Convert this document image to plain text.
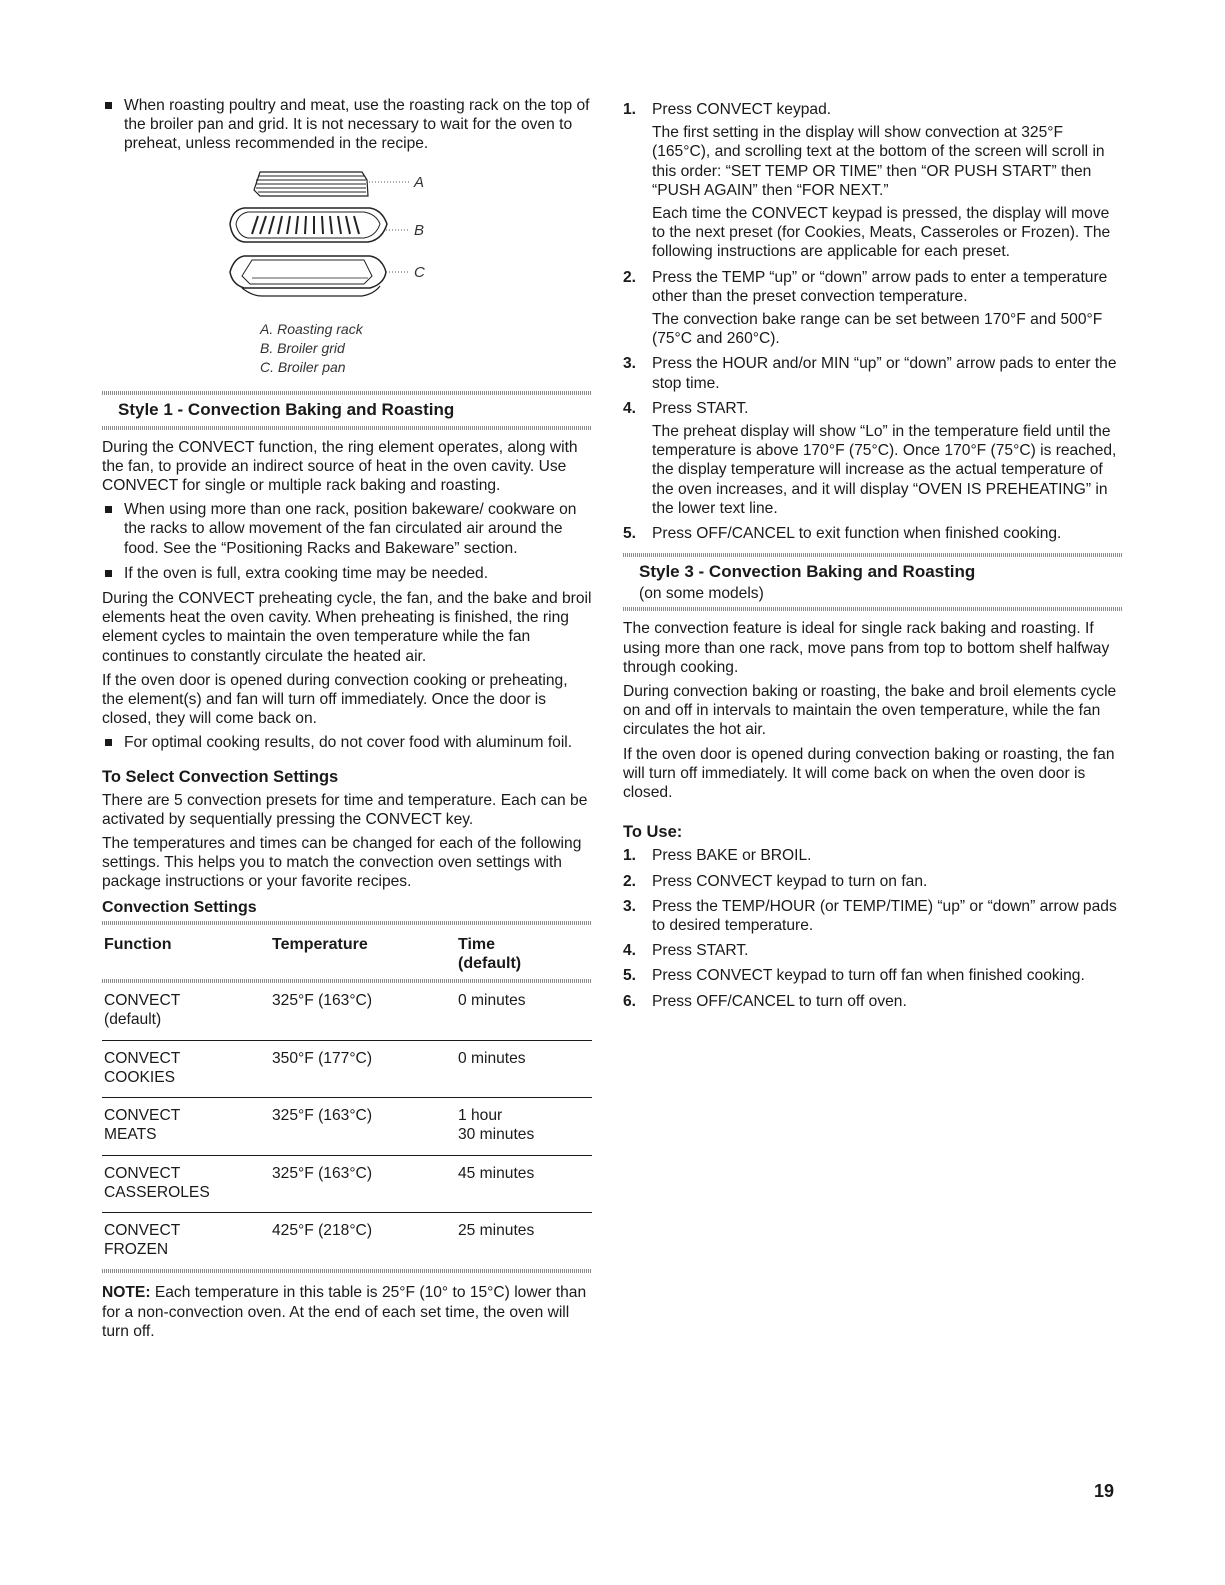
When roasting poultry and meat, use the roasting rack on the top of the broiler pan and grid. It is not necessary to wait for the oven to preheat, unless recommended in the recipe.

A
B
C
A. Roasting rack
B. Broiler grid
C. Broiler pan
Style 1 - Convection Baking and Roasting

During the CONVECT function, the ring element operates, along with the fan, to provide an indirect source of heat in the oven cavity. Use CONVECT for single or multiple rack baking and roasting.

When using more than one rack, position bakeware/ cookware on the racks to allow movement of the fan circulated air around the food. See the “Positioning Racks and Bakeware” section.

If the oven is full, extra cooking time may be needed.

During the CONVECT preheating cycle, the fan, and the bake and broil elements heat the oven cavity. When preheating is finished, the ring element cycles to maintain the oven temperature while the fan continues to constantly circulate the heated air.

If the oven door is opened during convection cooking or preheating, the element(s) and fan will turn off immediately. Once the door is closed, they will come back on.

For optimal cooking results, do not cover food with aluminum foil.

To Select Convection Settings

There are 5 convection presets for time and temperature. Each can be activated by sequentially pressing the CONVECT key.

The temperatures and times can be changed for each of the following settings. This helps you to match the convection oven settings with package instructions or your favorite recipes.

Convection Settings
Function	Temperature	Time
(default)

CONVECT
(default)	325°F (163°C)	0 minutes
CONVECT
COOKIES	350°F (177°C)	0 minutes
CONVECT
MEATS	325°F (163°C)	1 hour
30 minutes
CONVECT
CASSEROLES	325°F (163°C)	45 minutes
CONVECT
FROZEN	425°F (218°C)	25 minutes

NOTE: Each temperature in this table is 25°F (10° to 15°C) lower than for a non-convection oven. At the end of each set time, the oven will turn off.

1. Press CONVECT keypad.

The first setting in the display will show convection at 325°F (165°C), and scrolling text at the bottom of the screen will scroll in this order: “SET TEMP OR TIME” then “OR PUSH START” then “PUSH AGAIN” then “FOR NEXT.”

Each time the CONVECT keypad is pressed, the display will move to the next preset (for Cookies, Meats, Casseroles or Frozen). The following instructions are applicable for each preset.

2. Press the TEMP “up” or “down” arrow pads to enter a temperature other than the preset convection temperature.

The convection bake range can be set between 170°F and 500°F (75°C and 260°C).

3. Press the HOUR and/or MIN “up” or “down” arrow pads to enter the stop time.

4. Press START.

The preheat display will show “Lo” in the temperature field until the temperature is above 170°F (75°C). Once 170°F (75°C) is reached, the display temperature will increase as the actual temperature of the oven increases, and it will display “OVEN IS PREHEATING” in the lower text line.

5. Press OFF/CANCEL to exit function when finished cooking.

Style 3 - Convection Baking and Roasting
(on some models)

The convection feature is ideal for single rack baking and roasting. If using more than one rack, move pans from top to bottom shelf halfway through cooking.

During convection baking or roasting, the bake and broil elements cycle on and off in intervals to maintain the oven temperature, while the fan circulates the hot air.

If the oven door is opened during convection baking or roasting, the fan will turn off immediately. It will come back on when the oven door is closed.

To Use:
1. Press BAKE or BROIL.

2. Press CONVECT keypad to turn on fan.

3. Press the TEMP/HOUR (or TEMP/TIME) “up” or “down” arrow pads to desired temperature.

4. Press START.

5. Press CONVECT keypad to turn off fan when finished cooking.

6. Press OFF/CANCEL to turn off oven.

19
